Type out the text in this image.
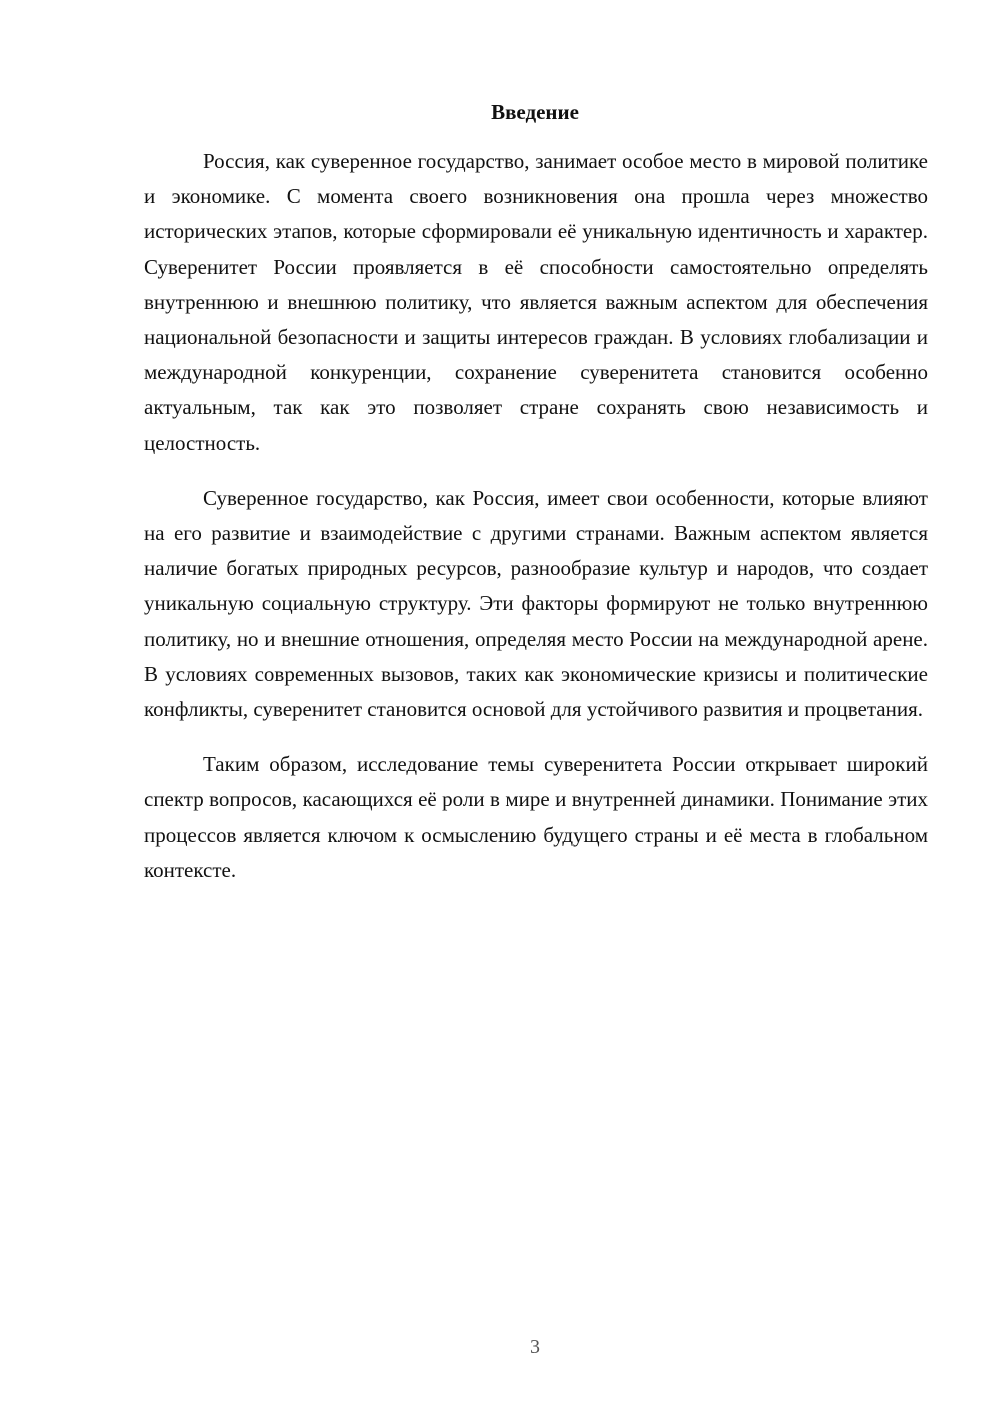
Введение

Россия, как суверенное государство, занимает особое место в мировой политике и экономике. С момента своего возникновения она прошла через множество исторических этапов, которые сформировали её уникальную идентичность и характер. Суверенитет России проявляется в её способности самостоятельно определять внутреннюю и внешнюю политику, что является важным аспектом для обеспечения национальной безопасности и защиты интересов граждан. В условиях глобализации и международной конкуренции, сохранение суверенитета становится особенно актуальным, так как это позволяет стране сохранять свою независимость и целостность.

Суверенное государство, как Россия, имеет свои особенности, которые влияют на его развитие и взаимодействие с другими странами. Важным аспектом является наличие богатых природных ресурсов, разнообразие культур и народов, что создает уникальную социальную структуру. Эти факторы формируют не только внутреннюю политику, но и внешние отношения, определяя место России на международной арене. В условиях современных вызовов, таких как экономические кризисы и политические конфликты, суверенитет становится основой для устойчивого развития и процветания.

Таким образом, исследование темы суверенитета России открывает широкий спектр вопросов, касающихся её роли в мире и внутренней динамики. Понимание этих процессов является ключом к осмыслению будущего страны и её места в глобальном контексте.

3
